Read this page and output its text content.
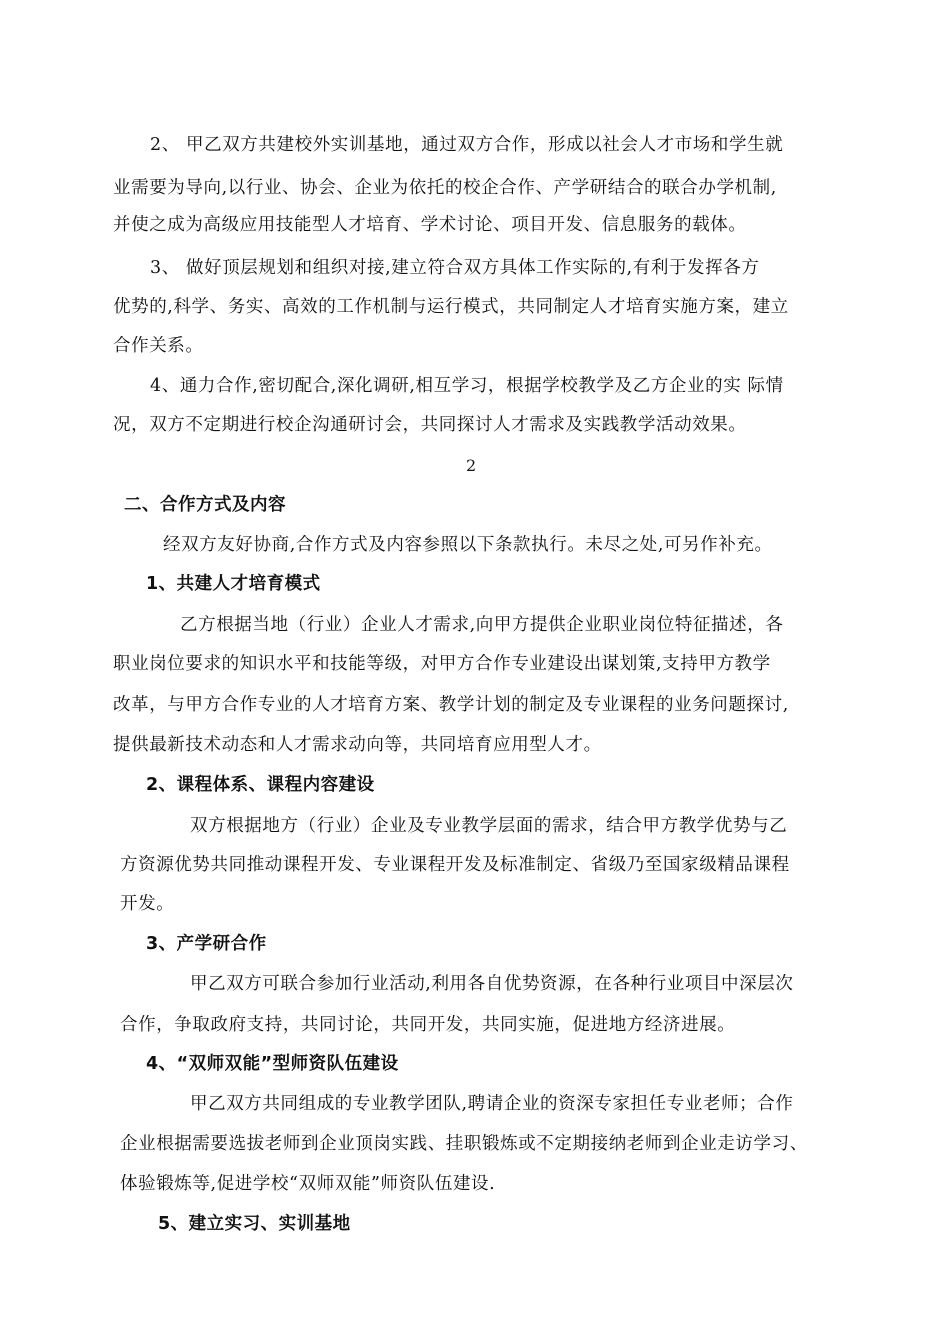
2、 甲乙双方共建校外实训基地，通过双方合作，形成以社会人才市场和学生就

业需要为导向,以行业、协会、企业为依托的校企合作、产学研结合的联合办学机制,

并使之成为高级应用技能型人才培育、学术讨论、项目开发、信息服务的载体。

3、 做好顶层规划和组织对接,建立符合双方具体工作实际的,有利于发挥各方

优势的,科学、务实、高效的工作机制与运行模式，共同制定人才培育实施方案，建立

合作关系。

4、通力合作,密切配合,深化调研,相互学习，根据学校教学及乙方企业的实 际情

况，双方不定期进行校企沟通研讨会，共同探讨人才需求及实践教学活动效果。

2

二、合作方式及内容

经双方友好协商,合作方式及内容参照以下条款执行。未尽之处,可另作补充。

1、共建人才培育模式

乙方根据当地（行业）企业人才需求,向甲方提供企业职业岗位特征描述，各

职业岗位要求的知识水平和技能等级，对甲方合作专业建设出谋划策,支持甲方教学

改革，与甲方合作专业的人才培育方案、教学计划的制定及专业课程的业务问题探讨,

提供最新技术动态和人才需求动向等，共同培育应用型人才。

2、课程体系、课程内容建设

双方根据地方（行业）企业及专业教学层面的需求，结合甲方教学优势与乙

方资源优势共同推动课程开发、专业课程开发及标准制定、省级乃至国家级精品课程

开发。

3、产学研合作

甲乙双方可联合参加行业活动,利用各自优势资源，在各种行业项目中深层次

合作，争取政府支持，共同讨论，共同开发，共同实施，促进地方经济进展。

4、“双师双能”型师资队伍建设

甲乙双方共同组成的专业教学团队,聘请企业的资深专家担任专业老师；合作

企业根据需要选拔老师到企业顶岗实践、挂职锻炼或不定期接纳老师到企业走访学习、

体验锻炼等,促进学校“双师双能”师资队伍建设.

5、建立实习、实训基地
